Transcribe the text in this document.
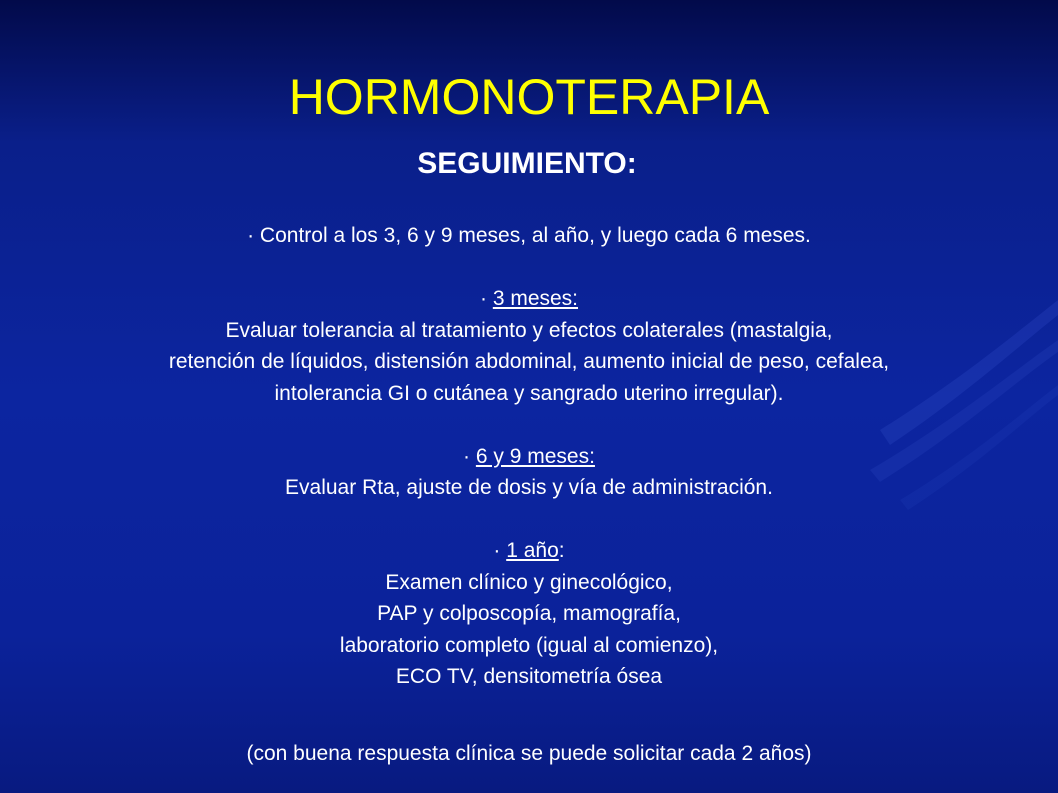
HORMONOTERAPIA
SEGUIMIENTO:
· Control a los 3, 6 y 9 meses, al año, y luego cada 6 meses.
· 3 meses:
Evaluar tolerancia al tratamiento y efectos colaterales (mastalgia,
retención de líquidos, distensión abdominal, aumento inicial de peso, cefalea,
intolerancia GI o cutánea y sangrado uterino irregular).
· 6 y 9 meses:
Evaluar Rta, ajuste de dosis y vía de administración.
· 1 año:
Examen clínico y ginecológico,
PAP y colposcopía, mamografía,
laboratorio completo (igual al comienzo),
ECO TV, densitometría ósea
(con buena respuesta clínica se puede solicitar cada 2 años)
